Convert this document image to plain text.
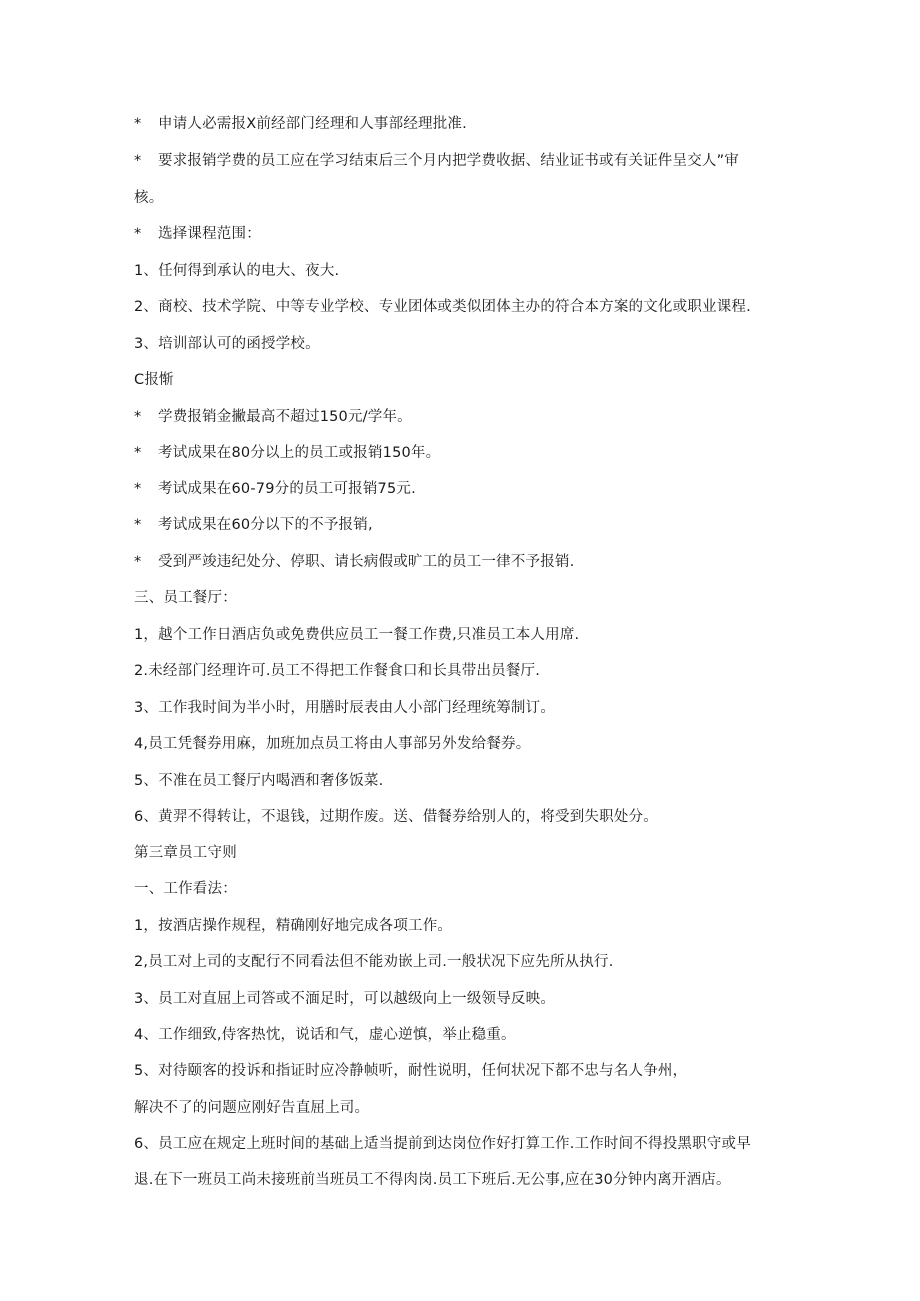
* 申请人必需报X前经部门经理和人事部经理批准.
* 要求报销学费的员工应在学习结束后三个月内把学费收据、结业证书或有关证件呈交人”审
核。
* 选择课程范围：
1、任何得到承认的电大、夜大.
2、商校、技术学院、中等专业学校、专业团体或类似团体主办的符合本方案的文化或职业课程.
3、培训部认可的函授学校。
C报惭
* 学费报销金撇最高不超过150元/学年。
* 考试成果在80分以上的员工或报销150年。
* 考试成果在60-79分的员工可报销75元.
* 考试成果在60分以下的不予报销,
* 受到严竣违纪处分、停职、请长病假或旷工的员工一律不予报销.
三、员工餐厅：
1，越个工作日酒店负或免费供应员工一餐工作费,只准员工本人用席.
2.未经部门经理许可.员工不得把工作餐食口和长具带出员餐厅.
3、工作我时间为半小时，用膳时辰表由人小部门经理统筹制订。
4,员工凭餐券用麻，加班加点员工将由人事部另外发给餐券。
5、不准在员工餐厅内喝酒和奢侈饭菜.
6、黄羿不得转让，不退钱，过期作废。送、借餐券给别人的，将受到失职处分。
第三章员工守则
一、工作看法：
1，按酒店操作规程，精确刚好地完成各项工作。
2,员工对上司的支配行不同看法但不能劝嵌上司.一般状况下应先所从执行.
3、员工对直屈上司答或不湎足时，可以越级向上一级领导反映。
4、工作细致,侍客热忱，说话和气，虚心逆慎，举止稳重。
5、对待颐客的投诉和指证时应冷静帧听，耐性说明，任何状况下都不忠与名人争州，
解决不了的问题应刚好告直屈上司。
6、员工应在规定上班时间的基础上适当提前到达岗位作好打算工作.工作时间不得投黑职守或早
退.在下一班员工尚未接班前当班员工不得肉岗.员工下班后.无公事,应在30分钟内离开酒店。
